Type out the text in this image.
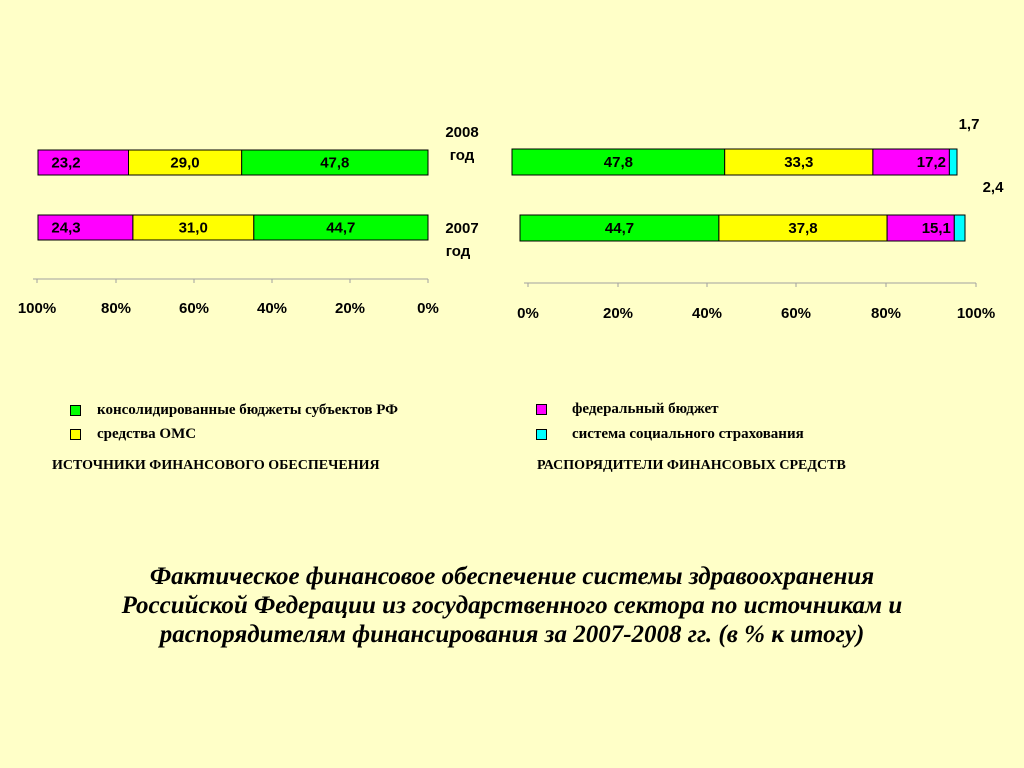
47,8
29,0
23,2
44,7
31,0
24,3
100%	80%	60%	40%	20%	0%
47,8	33,3	17,2
1,7
44,7	37,8	15,1
2,4
0%	20%	40%	60%	80%	100%
2008
год
2007
год
консолидированные бюджеты субъектов РФ	федеральный бюджет
средства ОМС	система социального страхования
ИСТОЧНИКИ ФИНАНСОВОГО ОБЕСПЕЧЕНИЯ	РАСПОРЯДИТЕЛИ ФИНАНСОВЫХ СРЕДСТВ
Фактическое финансовое обеспечение системы здравоохранения
Российской Федерации из государственного сектора по источникам и
распорядителям финансирования за 2007-2008 гг. (в % к итогу)
